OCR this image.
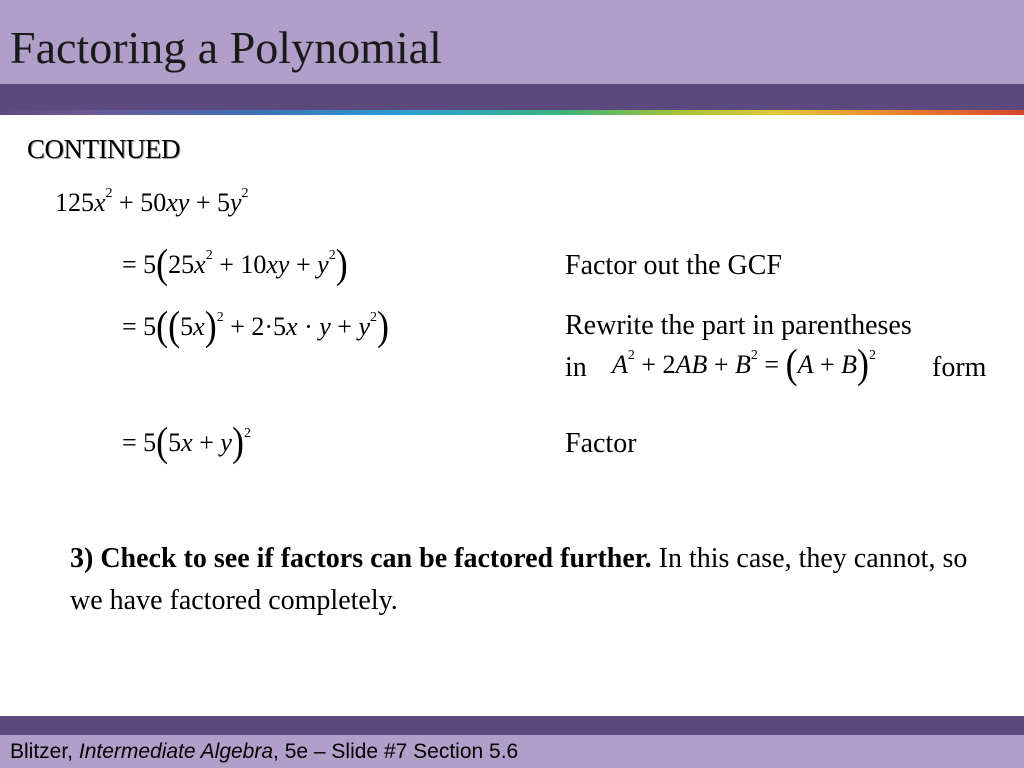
Factoring a Polynomial
CONTINUED
$125x^2 + 50xy + 5y^2$
= $5(25x^2 + 10xy + y^2)$
= $5((5x)^2 + 2\cdot 5x \cdot y + y^2)$
= $5(5x + y)^2$
Factor out the GCF
Rewrite the part in parentheses
in $A^2 + 2AB + B^2 = (A + B)^2$ form
Factor
3) Check to see if factors can be factored further. In this case, they cannot, so we have factored completely.
Blitzer, Intermediate Algebra, 5e – Slide #7 Section 5.6
